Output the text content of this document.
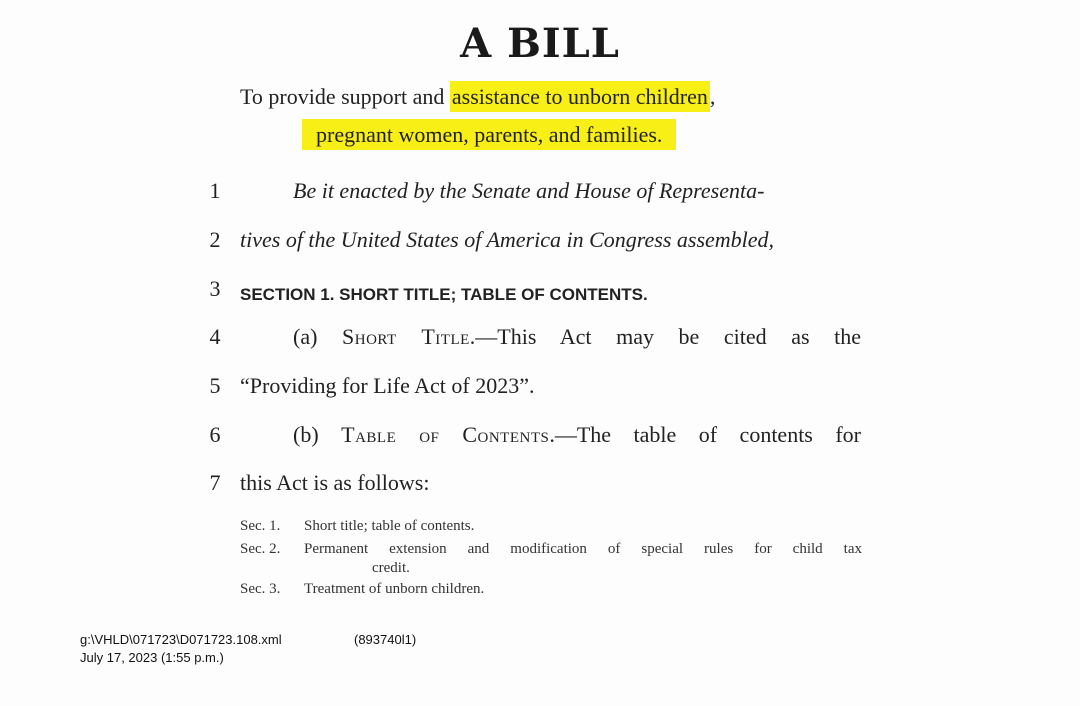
A BILL
To provide support and assistance to unborn children,
pregnant women, parents, and families.
1	Be it enacted by the Senate and House of Representa-
2 tives of the United States of America in Congress assembled,
3	SECTION 1. SHORT TITLE; TABLE OF CONTENTS.
4	(a) Short Title.—This Act may be cited as the
5 “Providing for Life Act of 2023”.
6	(b) Table of Contents.—The table of contents for
7 this Act is as follows:
Sec. 1.	Short title; table of contents.
Sec. 2.	Permanent extension and modification of special rules for child tax
credit.
Sec. 3.	Treatment of unborn children.
g:\VHLD\071723\D071723.108.xml	(893740l1)
July 17, 2023 (1:55 p.m.)
